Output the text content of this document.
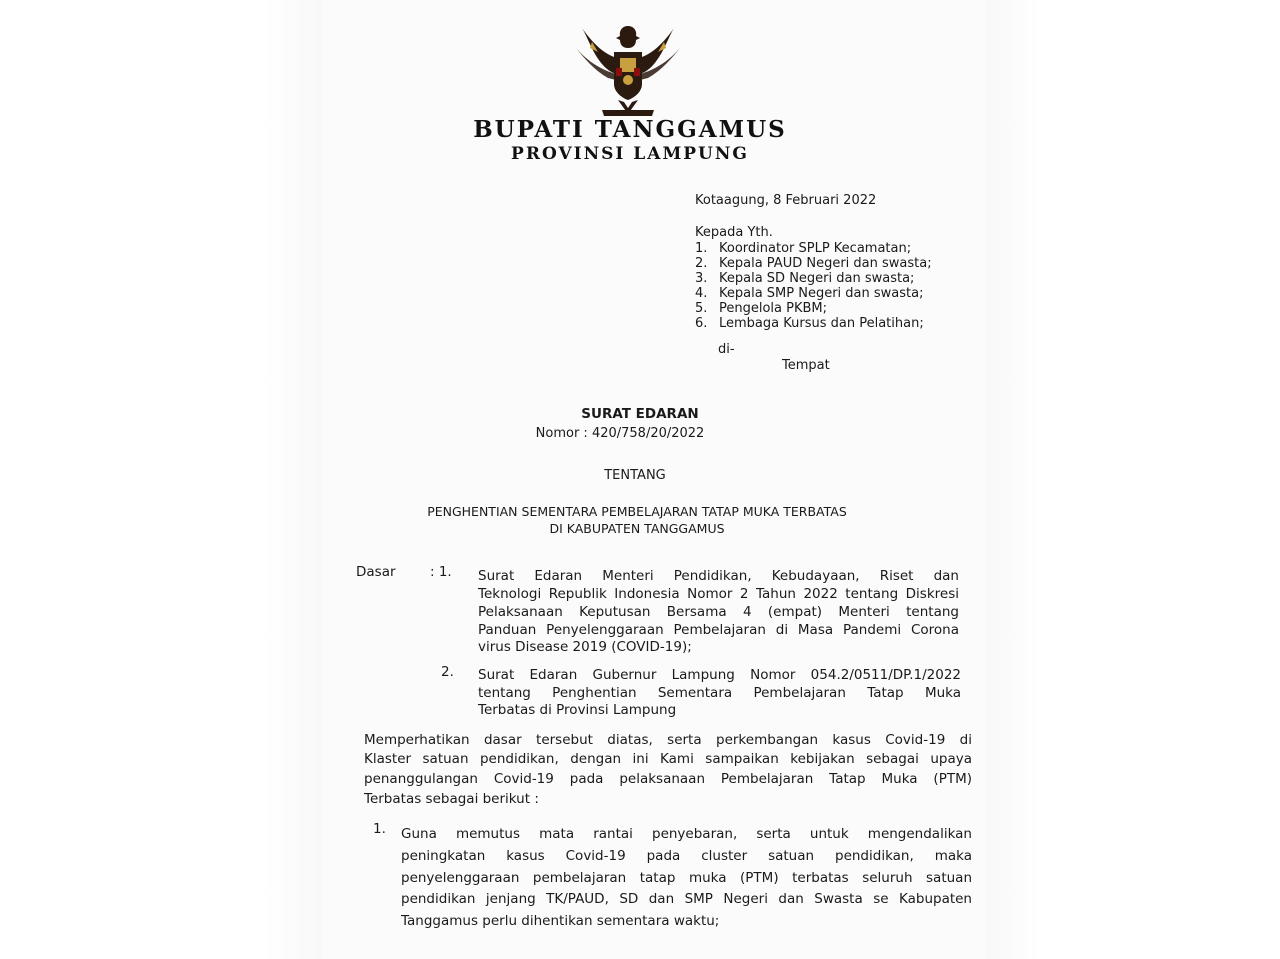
BUPATI TANGGAMUS
PROVINSI LAMPUNG
Kotaagung, 8 Februari 2022
Kepada Yth.
1. Koordinator SPLP Kecamatan;
2. Kepala PAUD Negeri dan swasta;
3. Kepala SD Negeri dan swasta;
4. Kepala SMP Negeri dan swasta;
5. Pengelola PKBM;
6. Lembaga Kursus dan Pelatihan;
di-
Tempat
SURAT EDARAN
Nomor : 420/758/20/2022
TENTANG
PENGHENTIAN SEMENTARA PEMBELAJARAN TATAP MUKA TERBATAS
DI KABUPATEN TANGGAMUS
Dasar	: 1. Surat Edaran Menteri Pendidikan, Kebudayaan, Riset dan
Teknologi Republik Indonesia Nomor 2 Tahun 2022 tentang Diskresi
Pelaksanaan Keputusan Bersama 4 (empat) Menteri tentang
Panduan Penyelenggaraan Pembelajaran di Masa Pandemi Corona
virus Disease 2019 (COVID-19);
2. Surat Edaran Gubernur Lampung Nomor 054.2/0511/DP.1/2022
tentang Penghentian Sementara Pembelajaran Tatap Muka
Terbatas di Provinsi Lampung
Memperhatikan dasar tersebut diatas, serta perkembangan kasus Covid-19 di
Klaster satuan pendidikan, dengan ini Kami sampaikan kebijakan sebagai upaya
penanggulangan Covid-19 pada pelaksanaan Pembelajaran Tatap Muka (PTM)
Terbatas sebagai berikut :
1. Guna memutus mata rantai penyebaran, serta untuk mengendalikan
peningkatan kasus Covid-19 pada cluster satuan pendidikan, maka
penyelenggaraan pembelajaran tatap muka (PTM) terbatas seluruh satuan
pendidikan jenjang TK/PAUD, SD dan SMP Negeri dan Swasta se Kabupaten
Tanggamus perlu dihentikan sementara waktu;
